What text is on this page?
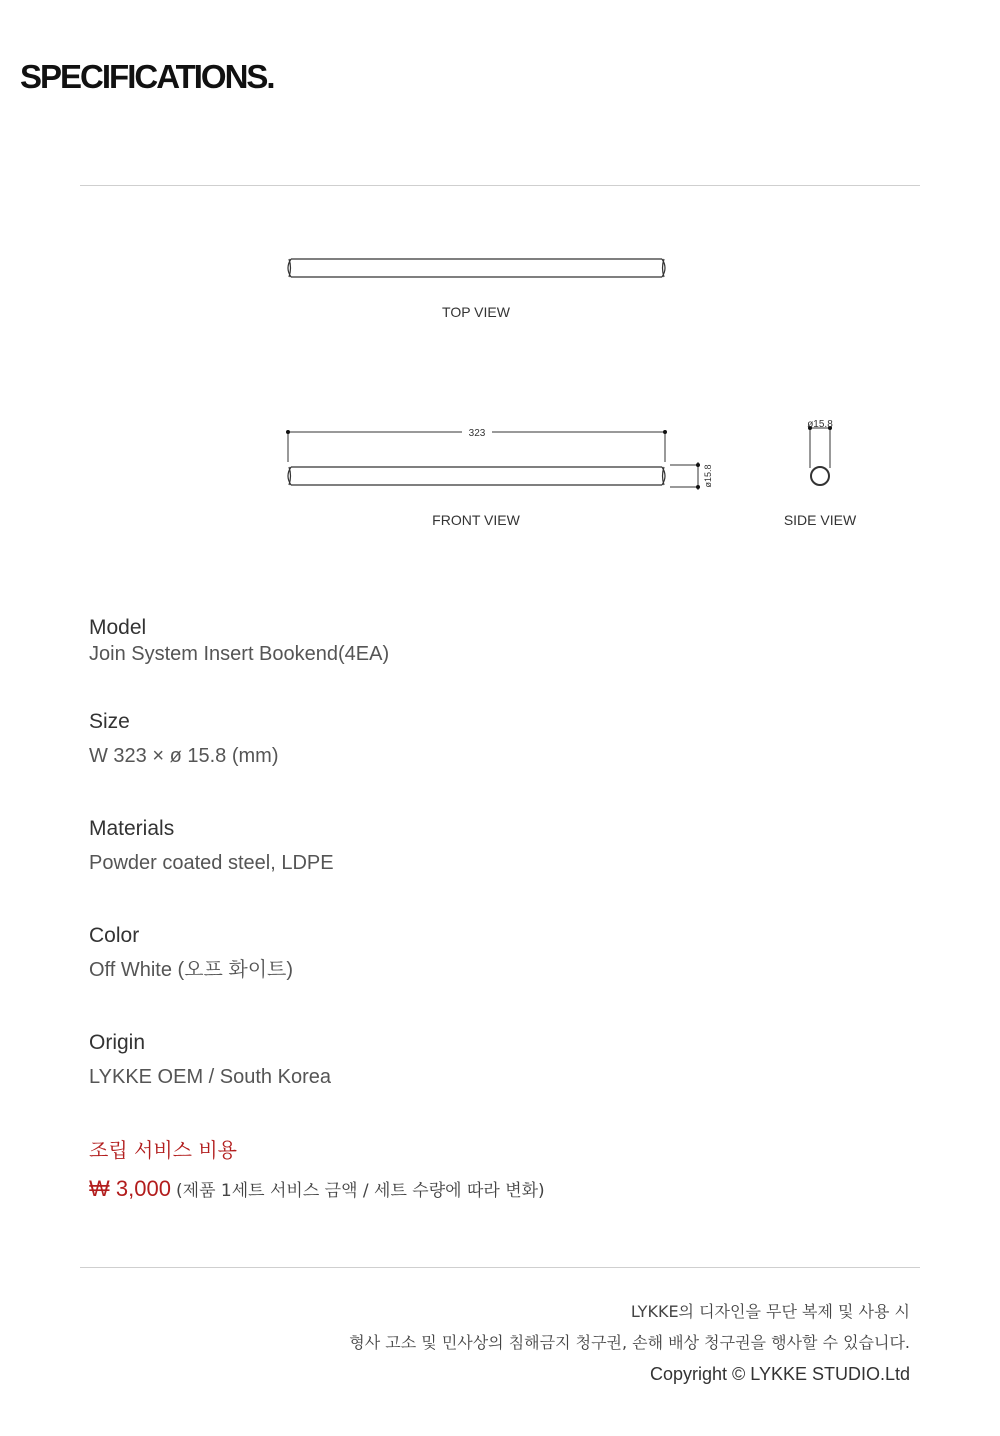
SPECIFICATIONS.
TOP VIEW
323
ø15.8
ø15.8
FRONT VIEW	SIDE VIEW
Model
Join System Insert Bookend(4EA)
Size
W 323 × ø 15.8 (mm)
Materials
Powder coated steel, LDPE
Color
Off White (오프 화이트)
Origin
LYKKE OEM / South Korea
조립 서비스 비용
₩ 3,000 (제품 1세트 서비스 금액 / 세트 수량에 따라 변화)
LYKKE의 디자인을 무단 복제 및 사용 시
형사 고소 및 민사상의 침해금지 청구권, 손해 배상 청구권을 행사할 수 있습니다.
Copyright © LYKKE STUDIO.Ltd
